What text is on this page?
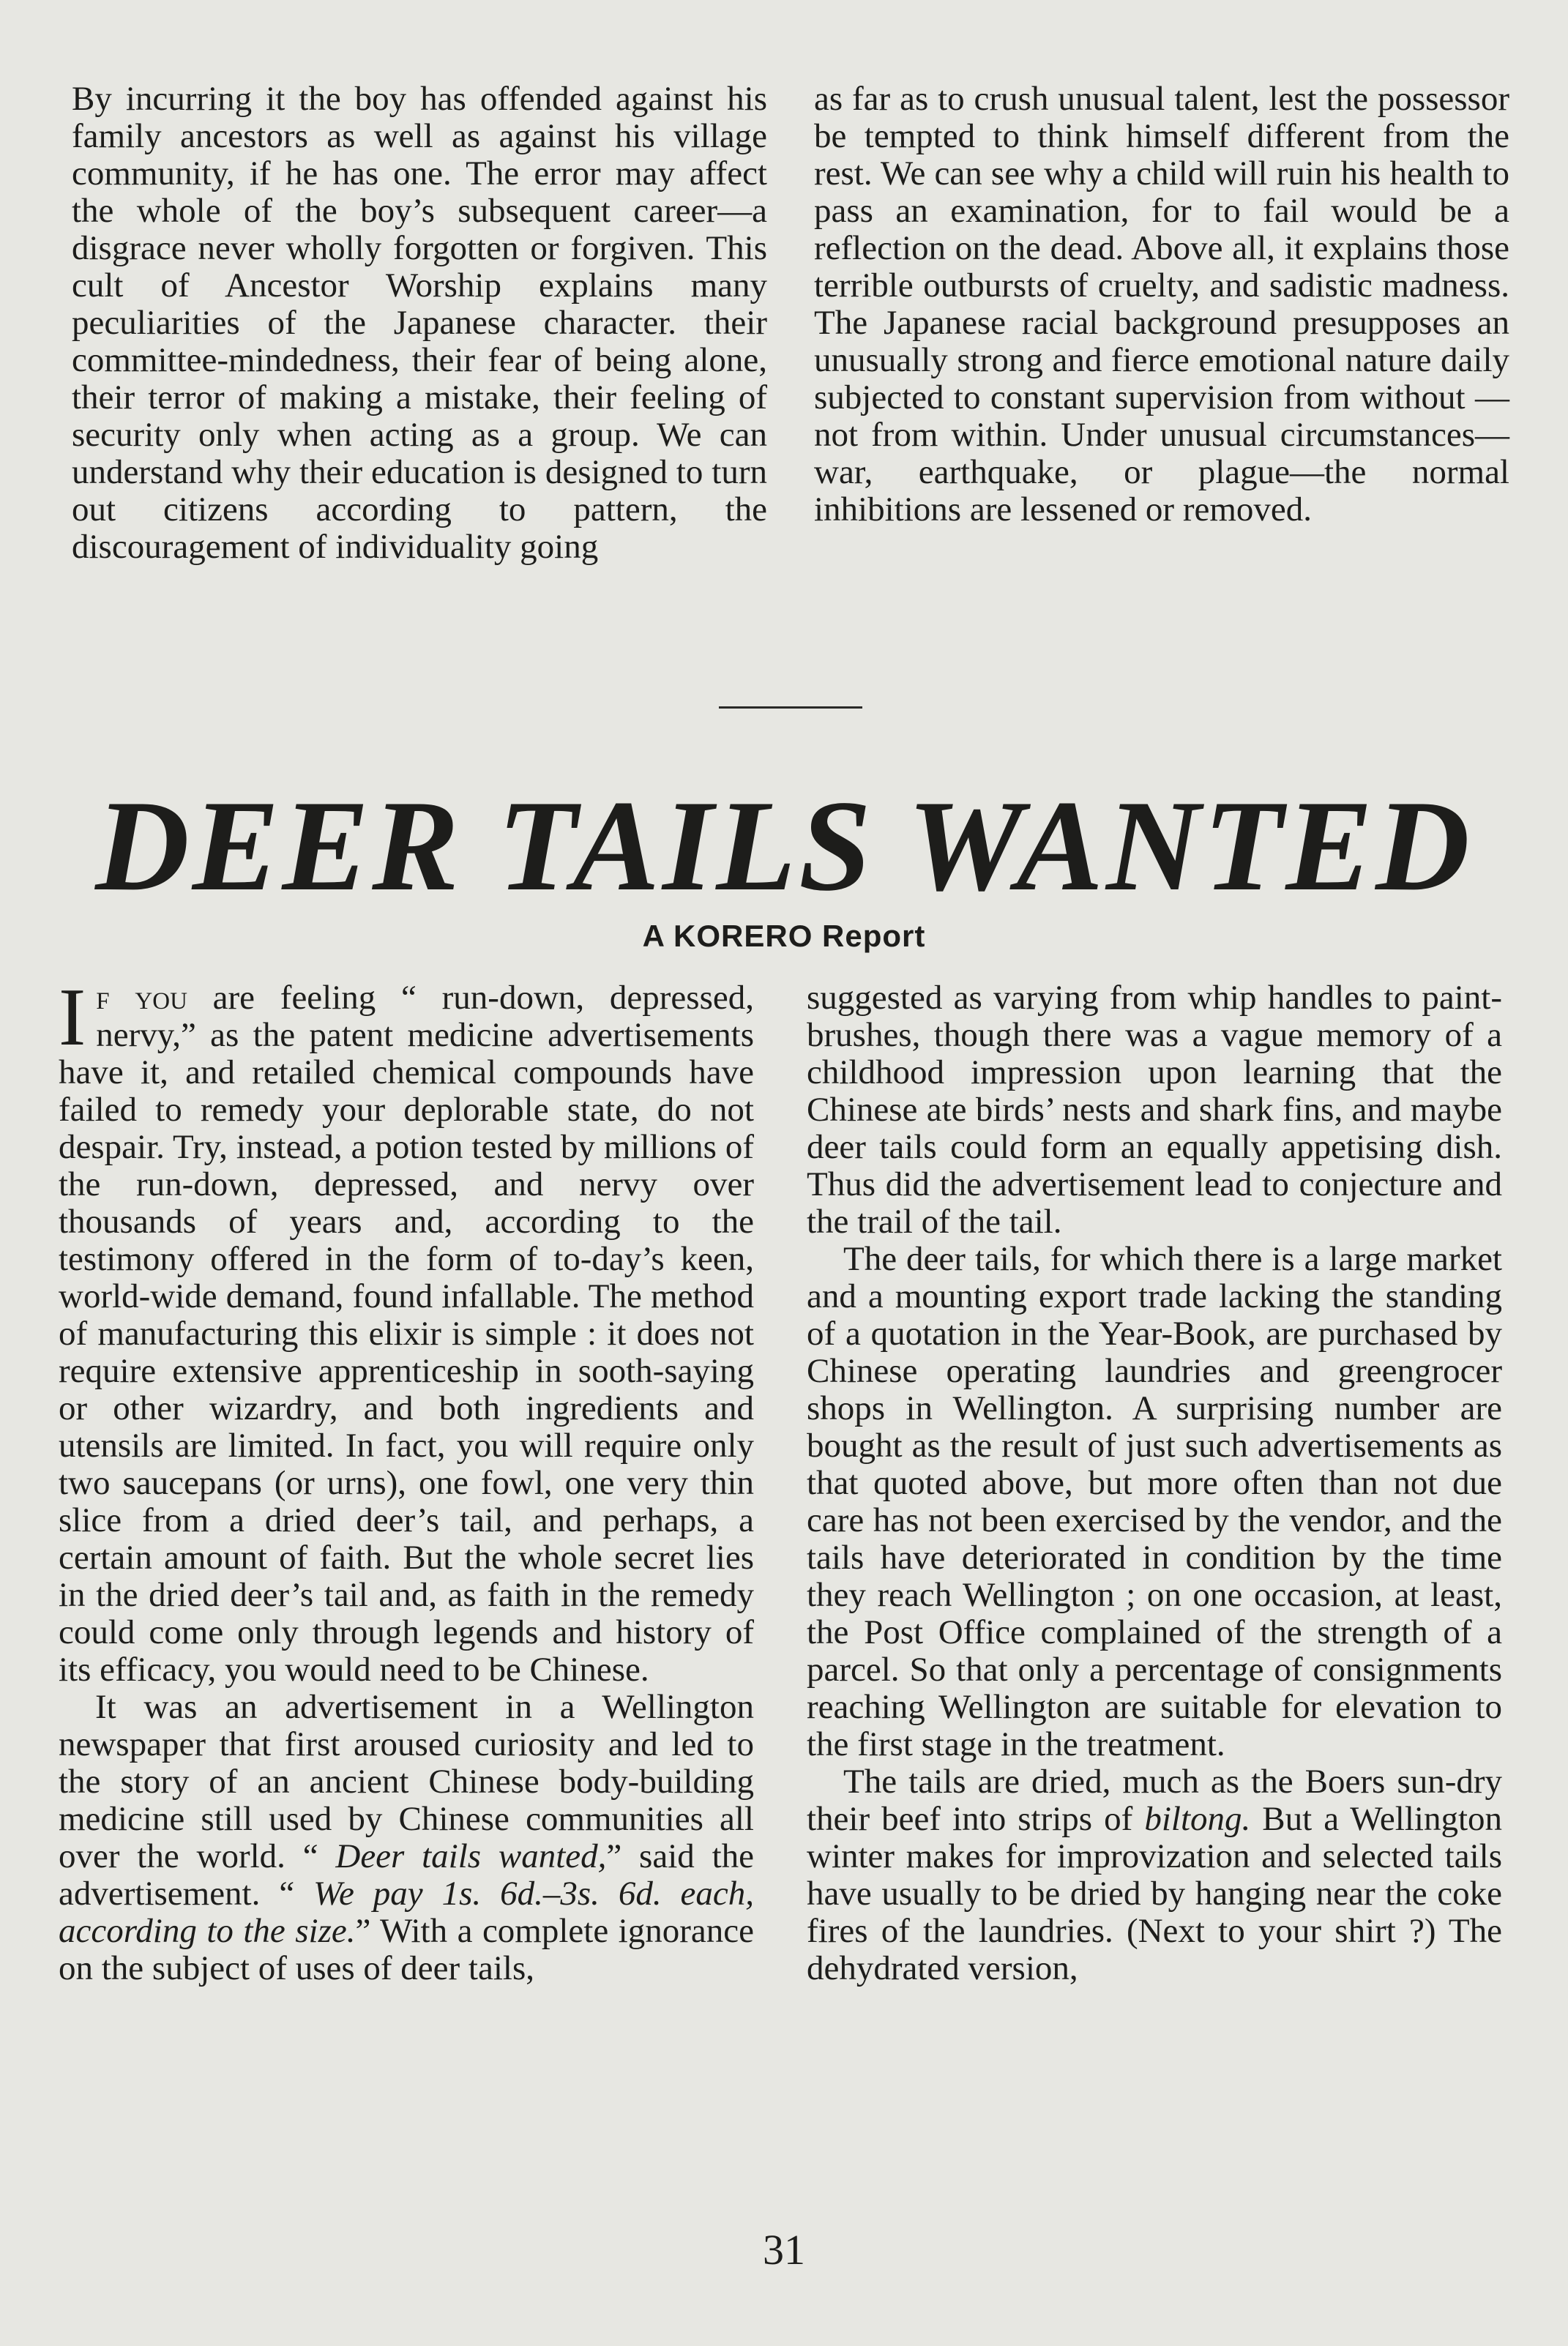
By incurring it the boy has offended against his family ancestors as well as against his village community, if he has one. The error may affect the whole of the boy’s subsequent career—a disgrace never wholly forgotten or forgiven. This cult of Ancestor Worship explains many peculiarities of the Japanese character. their committee-mindedness, their fear of being alone, their terror of making a mistake, their feeling of security only when acting as a group. We can understand why their education is designed to turn out citizens according to pattern, the discouragement of individuality going

as far as to crush unusual talent, lest the possessor be tempted to think himself different from the rest. We can see why a child will ruin his health to pass an examination, for to fail would be a reflection on the dead. Above all, it explains those terrible outbursts of cruelty, and sadistic madness. The Japanese racial background presupposes an unusually strong and fierce emotional nature daily subjected to constant supervision from without — not from within. Under unusual circumstances—war, earthquake, or plague—the normal inhibitions are lessened or removed.

DEER TAILS WANTED
A KORERO Report

If you are feeling “ run-down, depressed, nervy,” as the patent medicine advertisements have it, and retailed chemical compounds have failed to remedy your deplorable state, do not despair. Try, instead, a potion tested by millions of the run-down, depressed, and nervy over thousands of years and, according to the testimony offered in the form of to-day’s keen, world-wide demand, found infallable. The method of manufacturing this elixir is simple : it does not require extensive apprenticeship in sooth-saying or other wizardry, and both ingredients and utensils are limited. In fact, you will require only two saucepans (or urns), one fowl, one very thin slice from a dried deer’s tail, and perhaps, a certain amount of faith. But the whole secret lies in the dried deer’s tail and, as faith in the remedy could come only through legends and history of its efficacy, you would need to be Chinese.

It was an advertisement in a Wellington newspaper that first aroused curiosity and led to the story of an ancient Chinese body-building medicine still used by Chinese communities all over the world. “ Deer tails wanted,” said the advertisement. “ We pay 1s. 6d.–3s. 6d. each, according to the size.” With a complete ignorance on the subject of uses of deer tails,

suggested as varying from whip handles to paint-brushes, though there was a vague memory of a childhood impression upon learning that the Chinese ate birds’ nests and shark fins, and maybe deer tails could form an equally appetising dish. Thus did the advertisement lead to conjecture and the trail of the tail.

The deer tails, for which there is a large market and a mounting export trade lacking the standing of a quotation in the Year-Book, are purchased by Chinese operating laundries and greengrocer shops in Wellington. A surprising number are bought as the result of just such advertisements as that quoted above, but more often than not due care has not been exercised by the vendor, and the tails have deteriorated in condition by the time they reach Wellington ; on one occasion, at least, the Post Office complained of the strength of a parcel. So that only a percentage of consignments reaching Wellington are suitable for elevation to the first stage in the treatment.

The tails are dried, much as the Boers sun-dry their beef into strips of biltong. But a Wellington winter makes for improvization and selected tails have usually to be dried by hanging near the coke fires of the laundries. (Next to your shirt ?) The dehydrated version,

31
